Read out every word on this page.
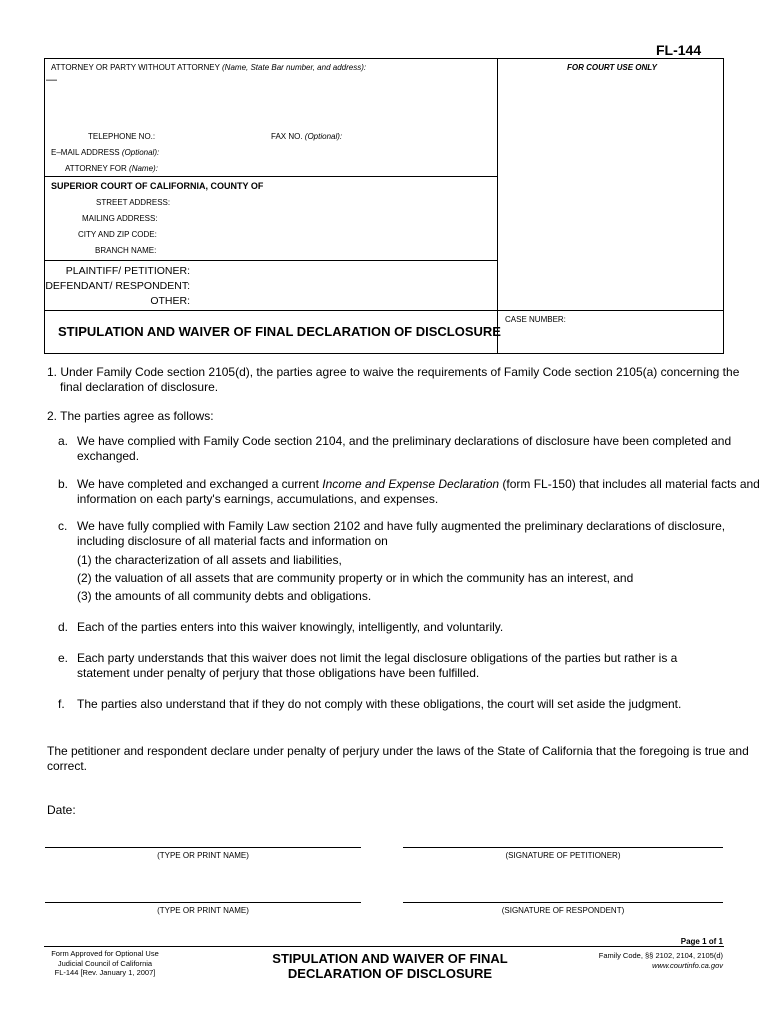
FL-144
ATTORNEY OR PARTY WITHOUT ATTORNEY (Name, State Bar number, and address):	FOR COURT USE ONLY
—
TELEPHONE NO.:	FAX NO. (Optional):
E–MAIL ADDRESS (Optional):
ATTORNEY FOR (Name):
SUPERIOR COURT OF CALIFORNIA, COUNTY OF
STREET ADDRESS:
MAILING ADDRESS:
CITY AND ZIP CODE:
BRANCH NAME:
PLAINTIFF/ PETITIONER:
DEFENDANT/ RESPONDENT:
OTHER:
CASE NUMBER:
STIPULATION AND WAIVER OF FINAL DECLARATION OF DISCLOSURE
1. Under Family Code section 2105(d), the parties agree to waive the requirements of Family Code section 2105(a) concerning the
final declaration of disclosure.
2. The parties agree as follows:
a. We have complied with Family Code section 2104, and the preliminary declarations of disclosure have been completed and
exchanged.
b. We have completed and exchanged a current Income and Expense Declaration (form FL-150) that includes all material facts and
information on each party's earnings, accumulations, and expenses.
c. We have fully complied with Family Law section 2102 and have fully augmented the preliminary declarations of disclosure,
including disclosure of all material facts and information on
(1) the characterization of all assets and liabilities,
(2) the valuation of all assets that are community property or in which the community has an interest, and
(3) the amounts of all community debts and obligations.
d. Each of the parties enters into this waiver knowingly, intelligently, and voluntarily.
e. Each party understands that this waiver does not limit the legal disclosure obligations of the parties but rather is a
statement under penalty of perjury that those obligations have been fulfilled.
f. The parties also understand that if they do not comply with these obligations, the court will set aside the judgment.
The petitioner and respondent declare under penalty of perjury under the laws of the State of California that the foregoing is true and
correct.
Date:
(TYPE OR PRINT NAME)	(SIGNATURE OF PETITIONER)
(TYPE OR PRINT NAME)	(SIGNATURE OF RESPONDENT)
Page 1 of 1
Form Approved for Optional Use
Judicial Council of California
FL-144 [Rev. January 1, 2007]
STIPULATION AND WAIVER OF FINAL
DECLARATION OF DISCLOSURE
Family Code, §§ 2102, 2104, 2105(d)
www.courtinfo.ca.gov
